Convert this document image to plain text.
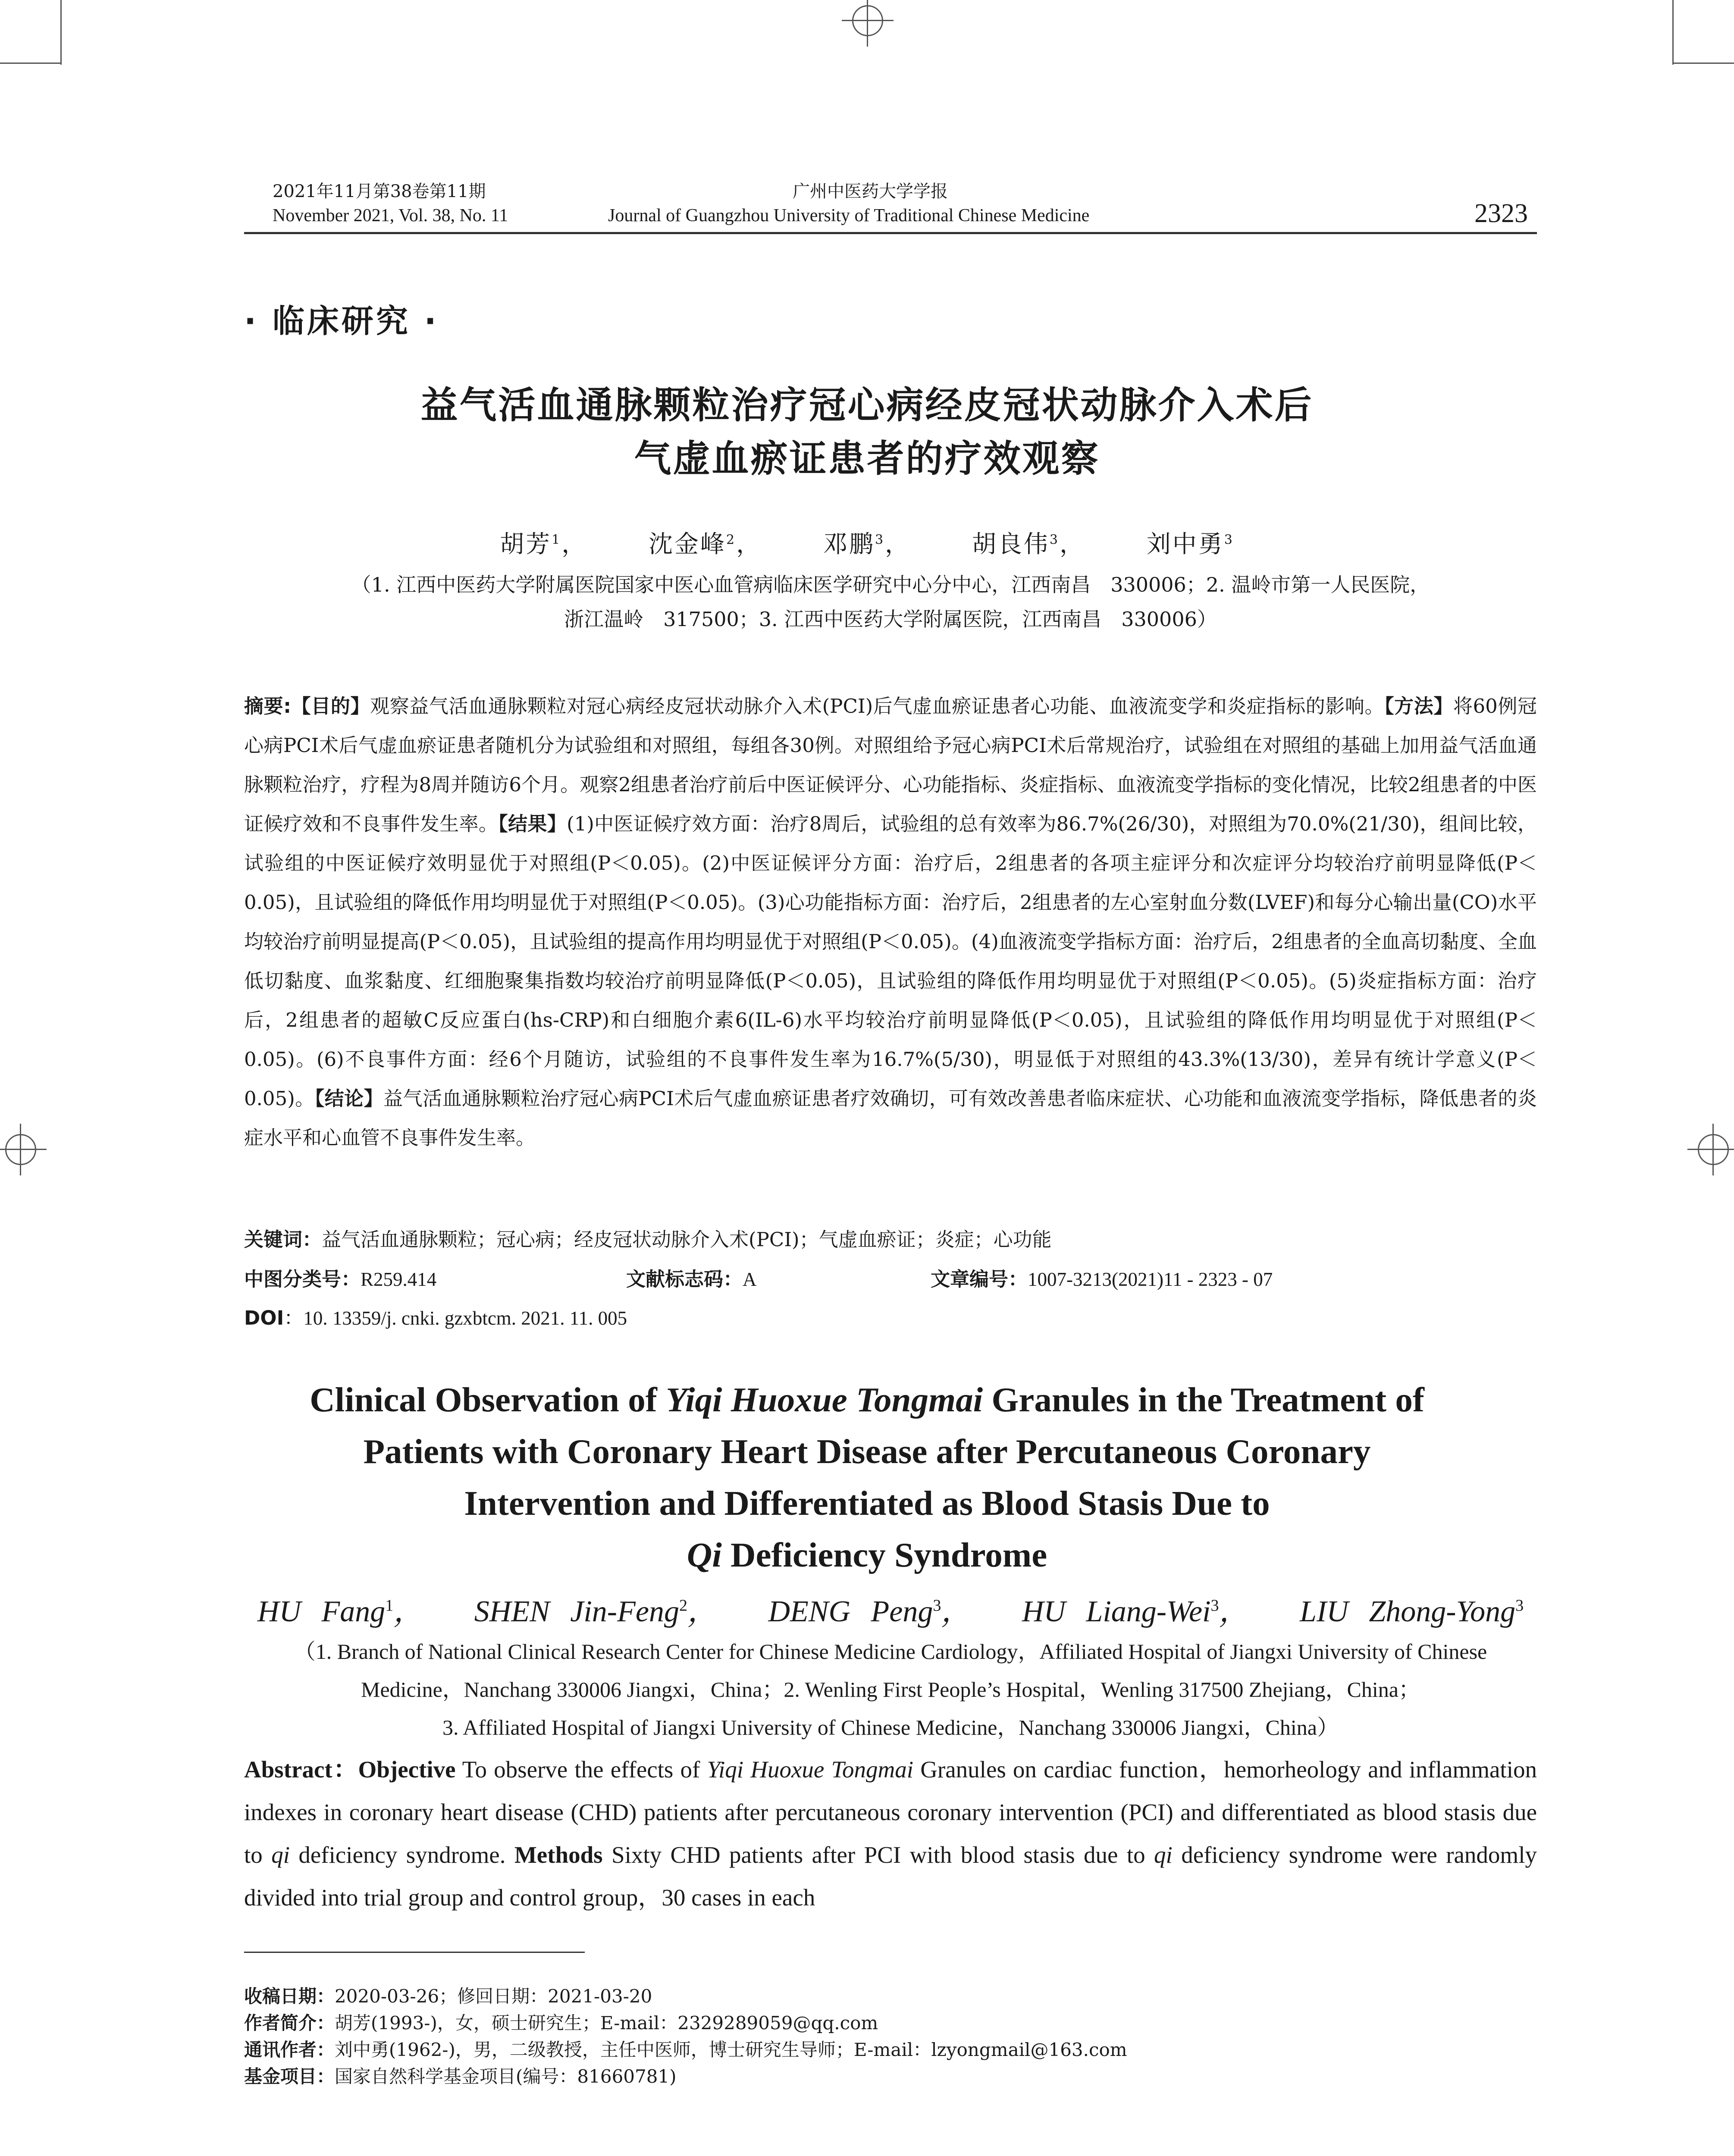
2021年11月第38卷第11期
November 2021, Vol. 38, No. 11
广州中医药大学学报
Journal of Guangzhou University of Traditional Chinese Medicine	2323
· 临床研究 ·
益气活血通脉颗粒治疗冠心病经皮冠状动脉介入术后
气虚血瘀证患者的疗效观察
胡芳$^1$，   沈金峰$^2$，   邓鹏$^3$，   胡良伟$^3$，   刘中勇$^3$
（1. 江西中医药大学附属医院国家中医心血管病临床医学研究中心分中心，江西南昌　330006；2. 温岭市第一人民医院，
浙江温岭　317500；3. 江西中医药大学附属医院，江西南昌　330006）
摘要:【目的】观察益气活血通脉颗粒对冠心病经皮冠状动脉介入术(PCI)后气虚血瘀证患者心功能、血液流变学和炎症指标的影响。【方法】将60例冠心病PCI术后气虚血瘀证患者随机分为试验组和对照组，每组各30例。对照组给予冠心病PCI术后常规治疗，试验组在对照组的基础上加用益气活血通脉颗粒治疗，疗程为8周并随访6个月。观察2组患者治疗前后中医证候评分、心功能指标、炎症指标、血液流变学指标的变化情况，比较2组患者的中医证候疗效和不良事件发生率。【结果】(1)中医证候疗效方面：治疗8周后，试验组的总有效率为86.7%(26/30)，对照组为70.0%(21/30)，组间比较，试验组的中医证候疗效明显优于对照组(P＜0.05)。(2)中医证候评分方面：治疗后，2组患者的各项主症评分和次症评分均较治疗前明显降低(P＜0.05)，且试验组的降低作用均明显优于对照组(P＜0.05)。(3)心功能指标方面：治疗后，2组患者的左心室射血分数(LVEF)和每分心输出量(CO)水平均较治疗前明显提高(P＜0.05)，且试验组的提高作用均明显优于对照组(P＜0.05)。(4)血液流变学指标方面：治疗后，2组患者的全血高切黏度、全血低切黏度、血浆黏度、红细胞聚集指数均较治疗前明显降低(P＜0.05)，且试验组的降低作用均明显优于对照组(P＜0.05)。(5)炎症指标方面：治疗后，2组患者的超敏C反应蛋白(hs-CRP)和白细胞介素6(IL-6)水平均较治疗前明显降低(P＜0.05)，且试验组的降低作用均明显优于对照组(P＜0.05)。(6)不良事件方面：经6个月随访，试验组的不良事件发生率为16.7%(5/30)，明显低于对照组的43.3%(13/30)，差异有统计学意义(P＜0.05)。【结论】益气活血通脉颗粒治疗冠心病PCI术后气虚血瘀证患者疗效确切，可有效改善患者临床症状、心功能和血液流变学指标，降低患者的炎症水平和心血管不良事件发生率。
关键词：益气活血通脉颗粒；冠心病；经皮冠状动脉介入术(PCI)；气虚血瘀证；炎症；心功能
中图分类号：R259.414	文献标志码：A	文章编号：1007-3213(2021)11 - 2323 - 07
DOI：10. 13359/j. cnki. gzxbtcm. 2021. 11. 005
Clinical Observation of Yiqi Huoxue Tongmai Granules in the Treatment of
Patients with Coronary Heart Disease after Percutaneous Coronary
Intervention and Differentiated as Blood Stasis Due to
Qi Deficiency Syndrome
HU Fang$^1$，  SHEN Jin-Feng$^2$，  DENG Peng$^3$，  HU Liang-Wei$^3$，  LIU Zhong-Yong$^3$
（1. Branch of National Clinical Research Center for Chinese Medicine Cardiology，Affiliated Hospital of Jiangxi University of Chinese
Medicine，Nanchang 330006 Jiangxi，China；2. Wenling First People’s Hospital，Wenling 317500 Zhejiang，China；
3. Affiliated Hospital of Jiangxi University of Chinese Medicine，Nanchang 330006 Jiangxi，China）
Abstract：Objective To observe the effects of Yiqi Huoxue Tongmai Granules on cardiac function，hemorheology and inflammation indexes in coronary heart disease (CHD) patients after percutaneous coronary intervention (PCI) and differentiated as blood stasis due to qi deficiency syndrome. Methods Sixty CHD patients after PCI with blood stasis due to qi deficiency syndrome were randomly divided into trial group and control group，30 cases in each
收稿日期：2020-03-26；修回日期：2021-03-20
作者简介：胡芳(1993-)，女，硕士研究生；E-mail：2329289059@qq.com
通讯作者：刘中勇(1962-)，男，二级教授，主任中医师，博士研究生导师；E-mail：lzyongmail@163.com
基金项目：国家自然科学基金项目(编号：81660781)
